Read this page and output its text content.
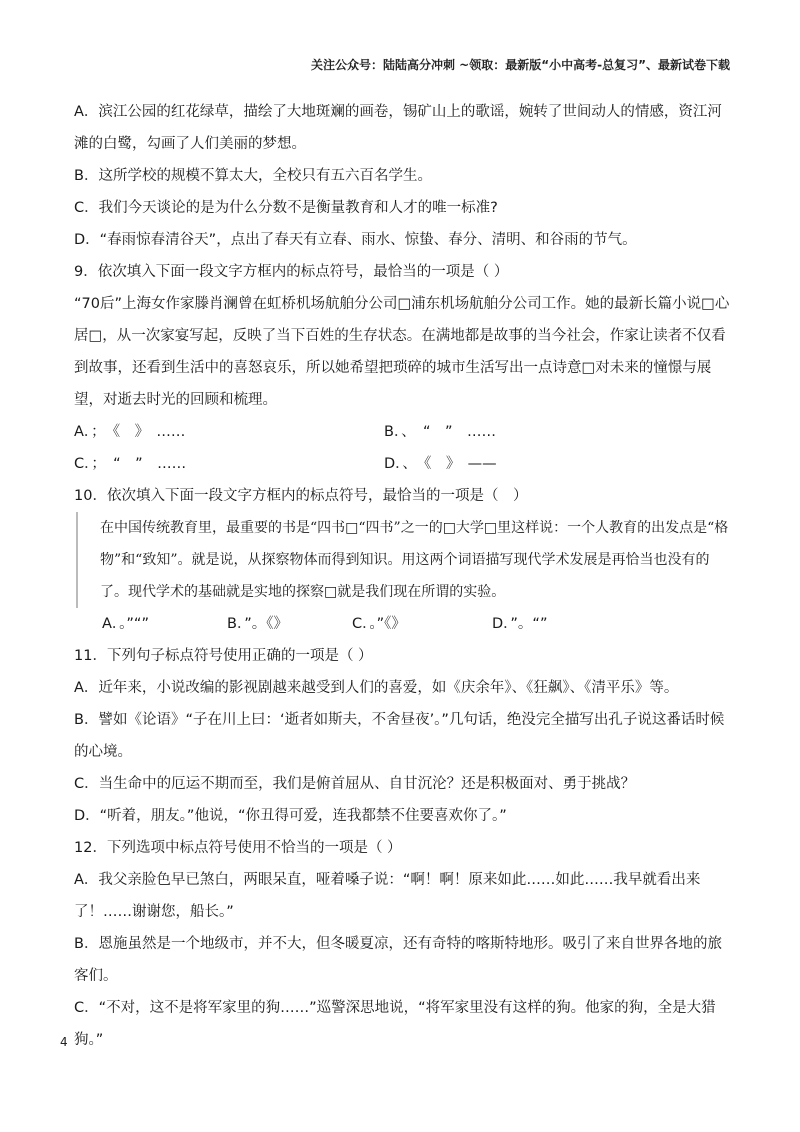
关注公众号：陆陆高分冲刺 ~领取：最新版“小中高考-总复习”、最新试卷下载

A．滨江公园的红花绿草，描绘了大地斑斓的画卷，锡矿山上的歌谣，婉转了世间动人的情感，资江河滩的白鹭，勾画了人们美丽的梦想。

B．这所学校的规模不算太大，全校只有五六百名学生。

C．我们今天谈论的是为什么分数不是衡量教育和人才的唯一标准?

D．“春雨惊春清谷天”，点出了春天有立春、雨水、惊蛰、春分、清明、和谷雨的节气。

9．依次填入下面一段文字方框内的标点符号，最恰当的一项是（ ）

“70后”上海女作家滕肖澜曾在虹桥机场航舶分公司□浦东机场航舶分公司工作。她的最新长篇小说□心居□，从一次家宴写起，反映了当下百姓的生存状态。在满地都是故事的当今社会，作家让读者不仅看到故事，还看到生活中的喜怒哀乐，所以她希望把琐碎的城市生活写出一点诗意□对未来的憧憬与展望，对逝去时光的回顾和梳理。

A．；　《　》　……	B．、　“　”　……
C．；　“　”　……	D．、　《　》　——

10．依次填入下面一段文字方框内的标点符号，最恰当的一项是（　）

在中国传统教育里，最重要的书是“四书□“四书”之一的□大学□里这样说：一个人教育的出发点是“格物”和“致知”。就是说，从探察物体而得到知识。用这两个词语描写现代学术发展是再恰当也没有的了。现代学术的基础就是实地的探察□就是我们现在所谓的实验。

A．。”“”	B．”。《》	C．。”《》	D．”。“”

11．下列句子标点符号使用正确的一项是（ ）

A．近年来，小说改编的影视剧越来越受到人们的喜爱，如《庆余年》、《狂飙》、《清平乐》等。

B．譬如《论语》“子在川上曰：‘逝者如斯夫，不舍昼夜’。”几句话，绝没完全描写出孔子说这番话时候的心境。

C．当生命中的厄运不期而至，我们是俯首屈从、自甘沉沦？还是积极面对、勇于挑战？

D．“听着，朋友。”他说，“你丑得可爱，连我都禁不住要喜欢你了。”

12．下列选项中标点符号使用不恰当的一项是（ ）

A．我父亲脸色早已煞白，两眼呆直，哑着嗓子说：“啊！啊！原来如此……如此……我早就看出来了！……谢谢您，船长。”

B．恩施虽然是一个地级市，并不大，但冬暖夏凉，还有奇特的喀斯特地形。吸引了来自世界各地的旅客们。

C．“不对，这不是将军家里的狗……”巡警深思地说，“将军家里没有这样的狗。他家的狗，全是大猎狗。”

4
